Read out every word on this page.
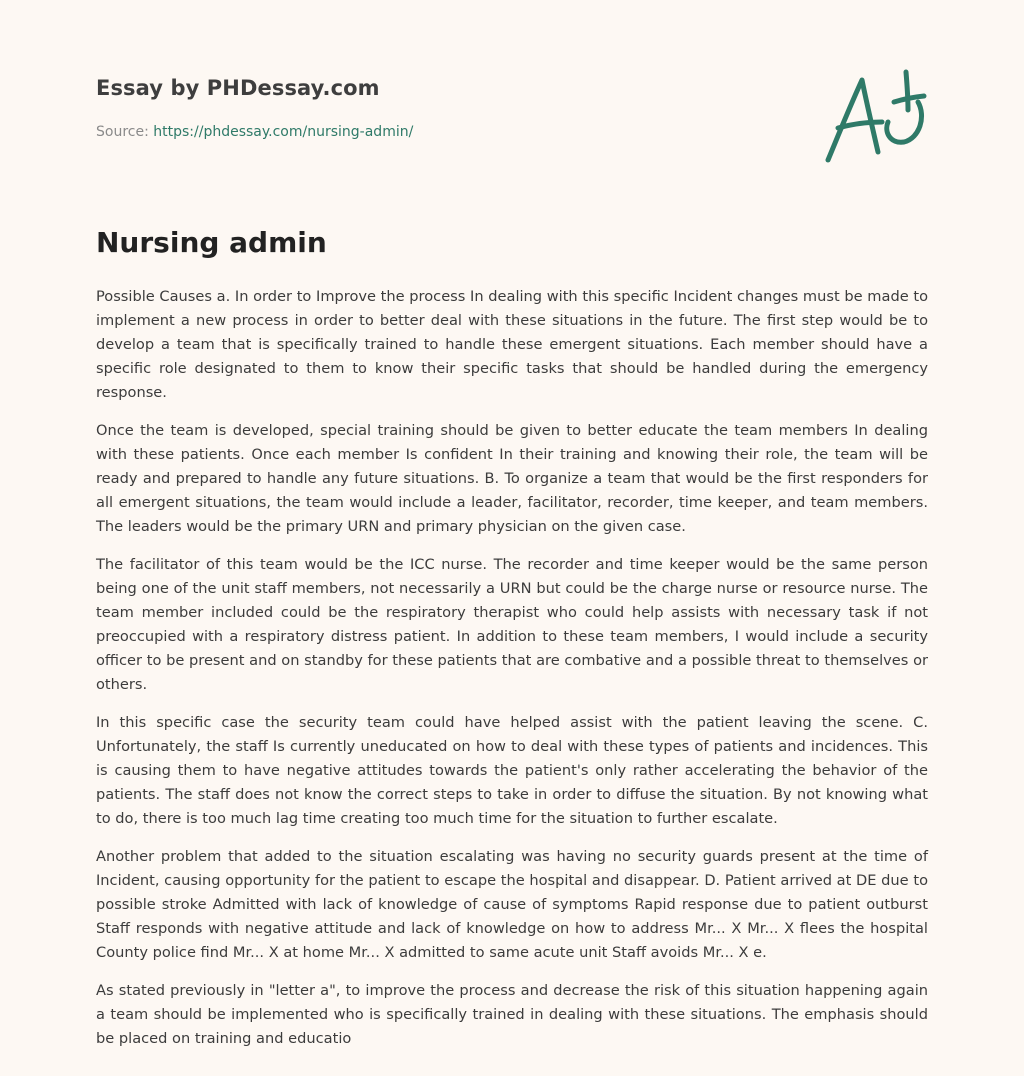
Essay by PHDessay.com
Source: https://phdessay.com/nursing-admin/
Nursing admin

Possible Causes a. In order to Improve the process In dealing with this specific Incident changes must be made to implement a new process in order to better deal with these situations in the future. The first step would be to develop a team that is specifically trained to handle these emergent situations. Each member should have a specific role designated to them to know their specific tasks that should be handled during the emergency response.

Once the team is developed, special training should be given to better educate the team members In dealing with these patients. Once each member Is confident In their training and knowing their role, the team will be ready and prepared to handle any future situations. B. To organize a team that would be the first responders for all emergent situations, the team would include a leader, facilitator, recorder, time keeper, and team members. The leaders would be the primary URN and primary physician on the given case.

The facilitator of this team would be the ICC nurse. The recorder and time keeper would be the same person being one of the unit staff members, not necessarily a URN but could be the charge nurse or resource nurse. The team member included could be the respiratory therapist who could help assists with necessary task if not preoccupied with a respiratory distress patient. In addition to these team members, I would include a security officer to be present and on standby for these patients that are combative and a possible threat to themselves or others.

In this specific case the security team could have helped assist with the patient leaving the scene. C. Unfortunately, the staff Is currently uneducated on how to deal with these types of patients and incidences. This is causing them to have negative attitudes towards the patient's only rather accelerating the behavior of the patients. The staff does not know the correct steps to take in order to diffuse the situation. By not knowing what to do, there is too much lag time creating too much time for the situation to further escalate.

Another problem that added to the situation escalating was having no security guards present at the time of Incident, causing opportunity for the patient to escape the hospital and disappear. D. Patient arrived at DE due to possible stroke Admitted with lack of knowledge of cause of symptoms Rapid response due to patient outburst Staff responds with negative attitude and lack of knowledge on how to address Mr... X Mr... X flees the hospital County police find Mr... X at home Mr... X admitted to same acute unit Staff avoids Mr... X e.

As stated previously in "letter a", to improve the process and decrease the risk of this situation happening again a team should be implemented who is specifically trained in dealing with these situations. The emphasis should be placed on training and educatio
